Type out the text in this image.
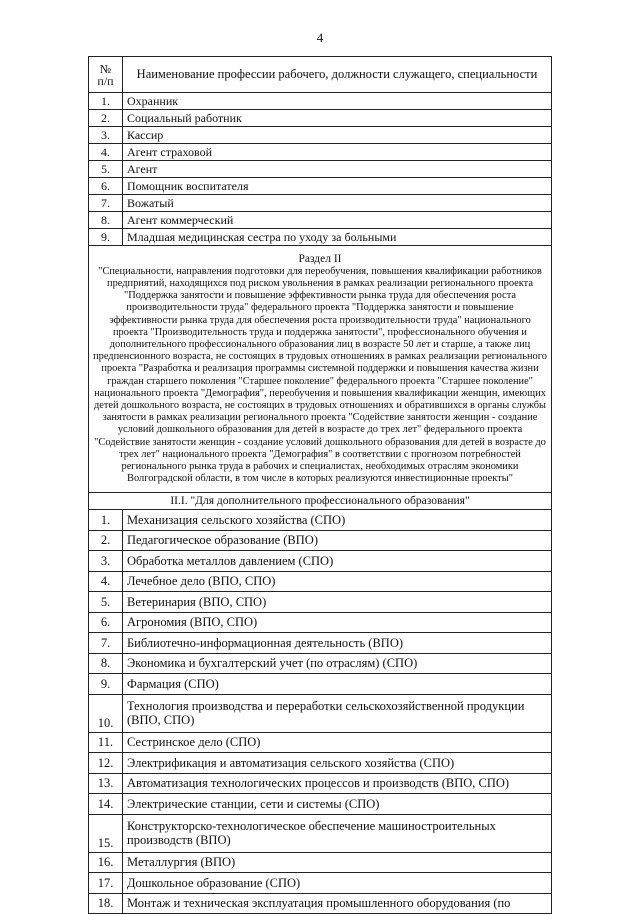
4
№
п/п	Наименование профессии рабочего, должности служащего, специальности
1.	Охранник
2.	Социальный работник
3.	Кассир
4.	Агент страховой
5.	Агент
6.	Помощник воспитателя
7.	Вожатый
8.	Агент коммерческий
9.	Младшая медицинская сестра по уходу за больными

Раздел II
"Специальности, направления подготовки для переобучения, повышения квалификации работников предприятий, находящихся под риском увольнения в рамках реализации регионального проекта "Поддержка занятости и повышение эффективности рынка труда для обеспечения роста производительности труда" федерального проекта "Поддержка занятости и повышение эффективности рынка труда для обеспечения роста производительности труда" национального проекта "Производительность труда и поддержка занятости", профессионального обучения и дополнительного профессионального образования лиц в возрасте 50 лет и старше, а также лиц предпенсионного возраста, не состоящих в трудовых отношениях в рамках реализации регионального проекта "Разработка и реализация программы системной поддержки и повышения качества жизни граждан старшего поколения "Старшее поколение" федерального проекта "Старшее поколение" национального проекта "Демография", переобучения и повышения квалификации женщин, имеющих детей дошкольного возраста, не состоящих в трудовых отношениях и обратившихся в органы службы занятости в рамках реализации регионального проекта "Содействие занятости женщин - создание условий дошкольного образования для детей в возрасте до трех лет" федерального проекта "Содействие занятости женщин - создание условий дошкольного образования для детей в возрасте до трех лет" национального проекта "Демография" в соответствии с прогнозом потребностей регионального рынка труда в рабочих и специалистах, необходимых отраслям экономики Волгоградской области, в том числе в которых реализуются инвестиционные проекты"	
II.I. "Для дополнительного профессионального образования"	
1.	Механизация сельского хозяйства (СПО)
2.	Педагогическое образование (ВПО)
3.	Обработка металлов давлением (СПО)
4.	Лечебное дело (ВПО, СПО)
5.	Ветеринария (ВПО, СПО)
6.	Агрономия (ВПО, СПО)
7.	Библиотечно-информационная деятельность (ВПО)
8.	Экономика и бухгалтерский учет (по отраслям) (СПО)
9.	Фармация (СПО)
10.	Технология производства и переработки сельскохозяйственной продукции (ВПО, СПО)
11.	Сестринское дело (СПО)
12.	Электрификация и автоматизация сельского хозяйства (СПО)
13.	Автоматизация технологических процессов и производств (ВПО, СПО)
14.	Электрические станции, сети и системы (СПО)
15.	Конструкторско-технологическое обеспечение машиностроительных производств (ВПО)
16.	Металлургия (ВПО)
17.	Дошкольное образование (СПО)
18.	Монтаж и техническая эксплуатация промышленного оборудования (по
